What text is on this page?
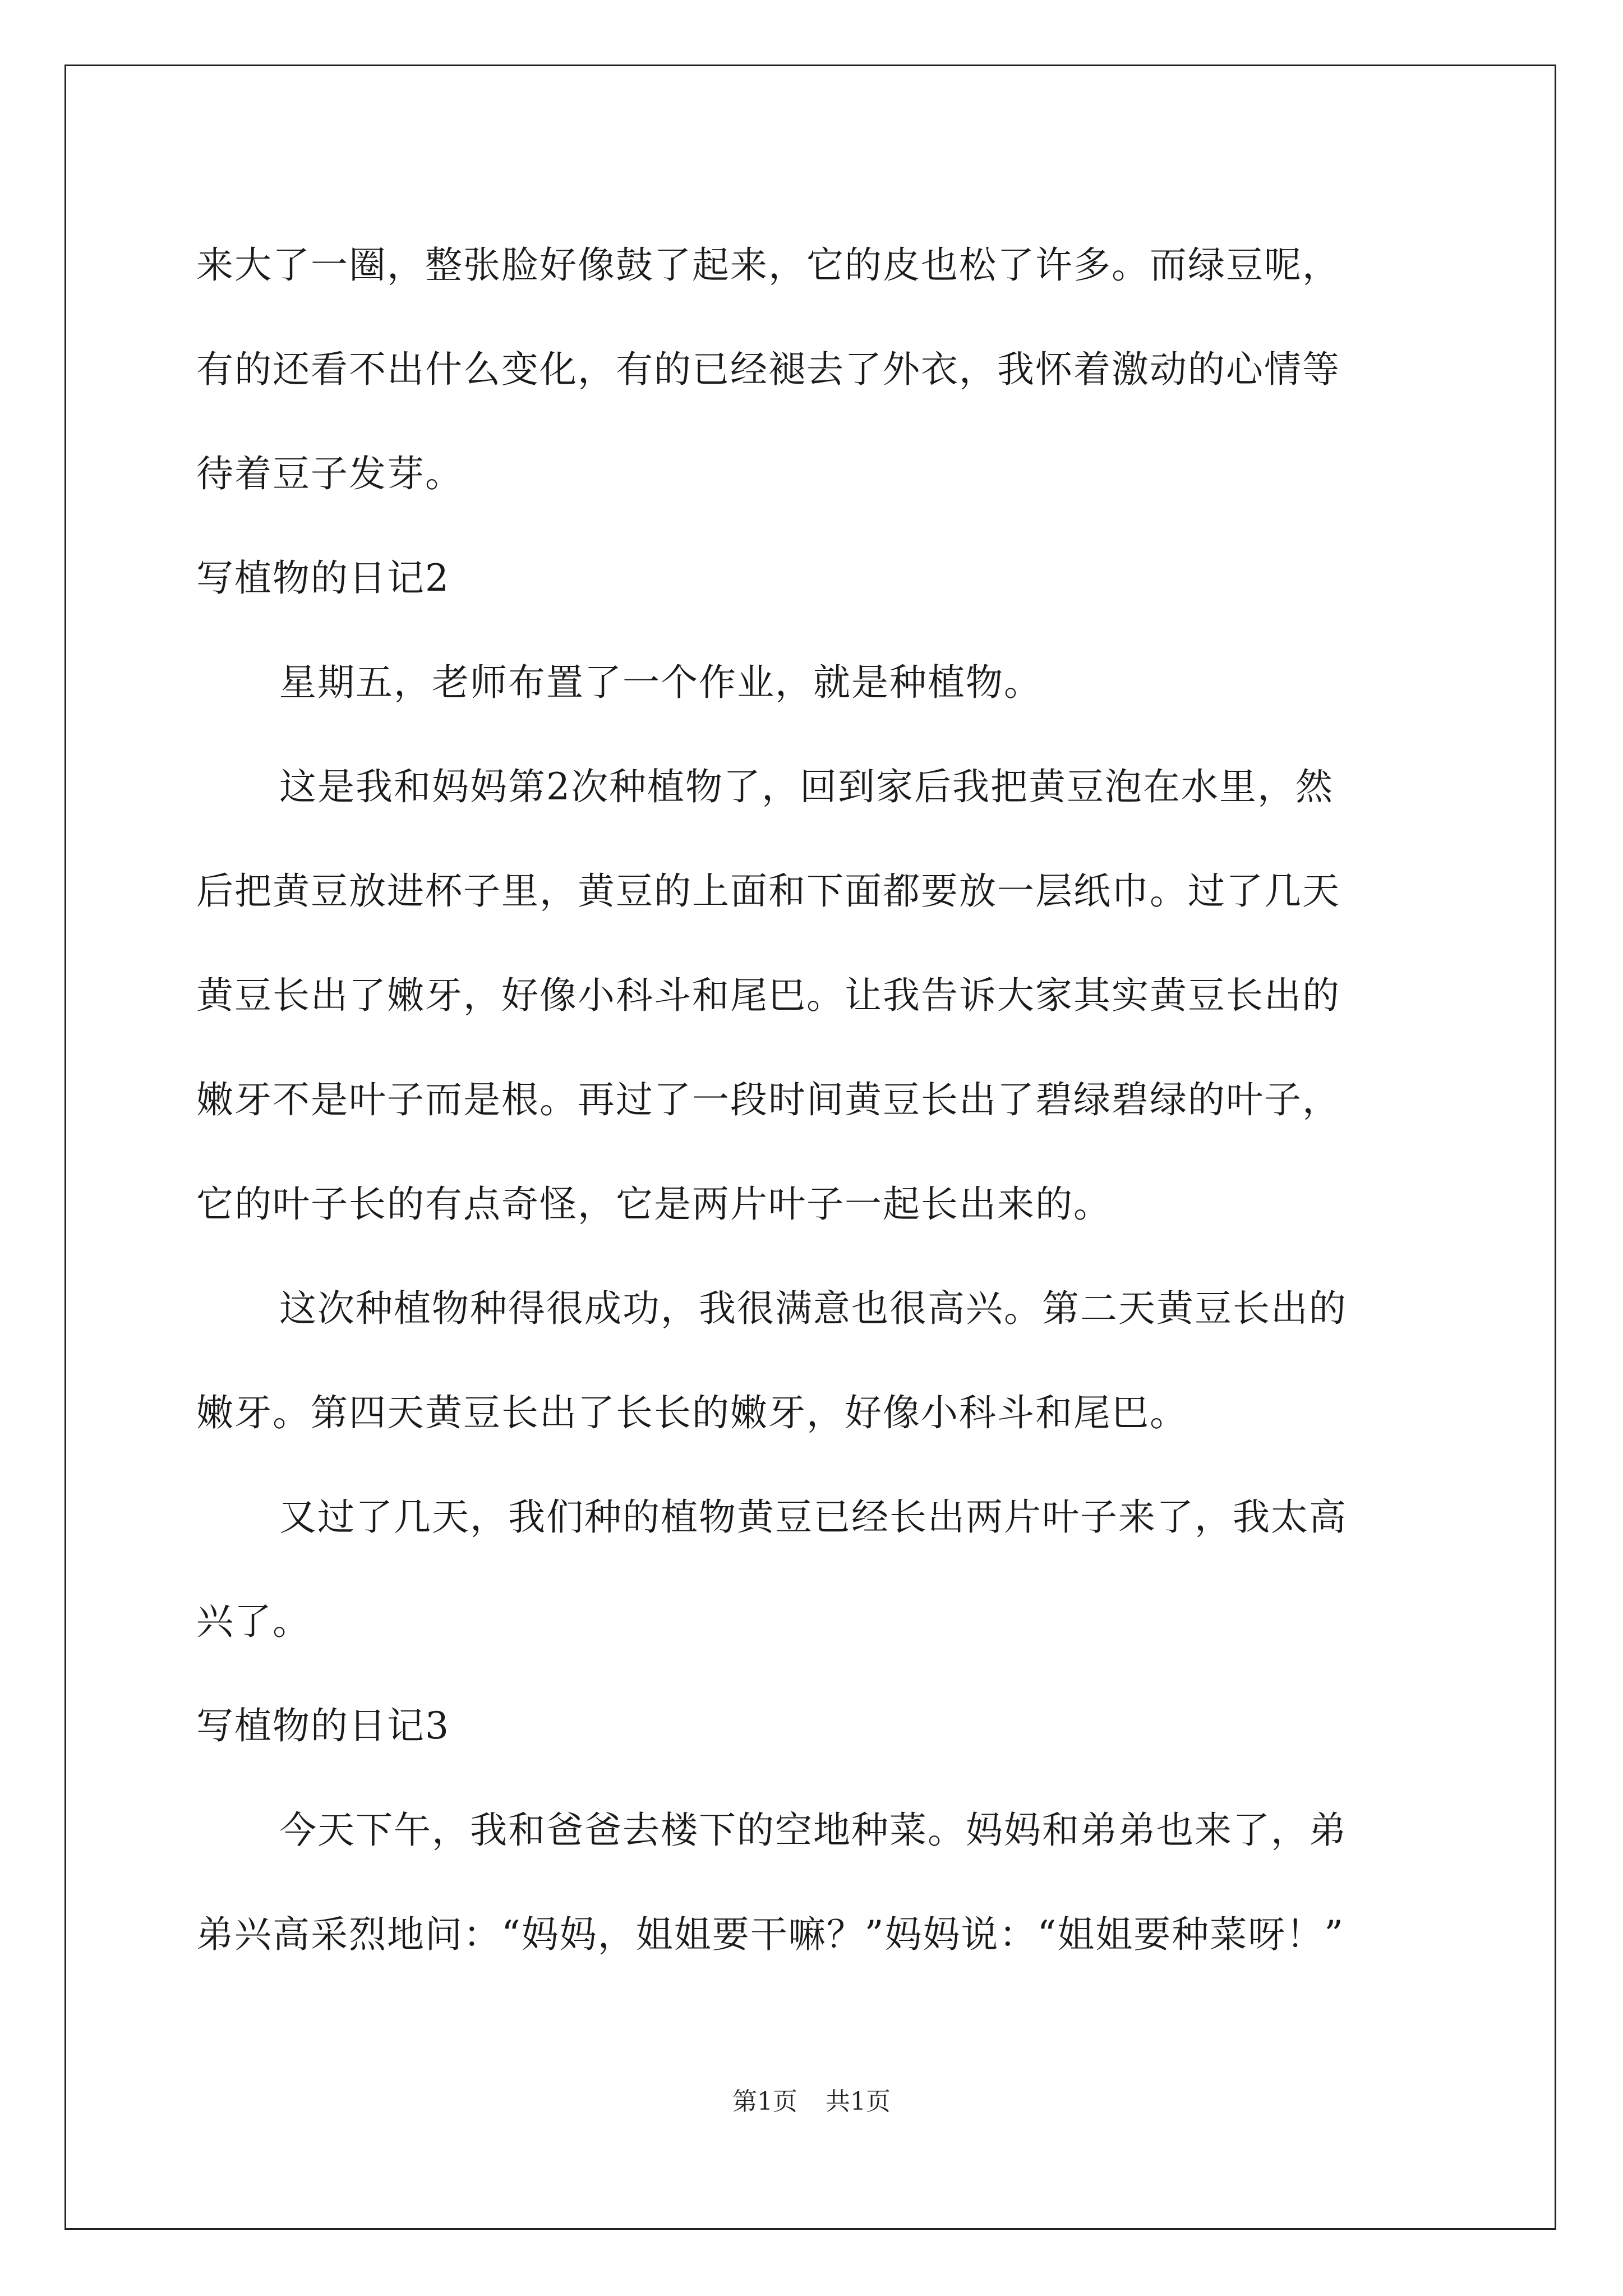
来大了一圈，整张脸好像鼓了起来，它的皮也松了许多。而绿豆呢，
有的还看不出什么变化，有的已经褪去了外衣，我怀着激动的心情等
待着豆子发芽。
写植物的日记2
星期五，老师布置了一个作业，就是种植物。
这是我和妈妈第2次种植物了，回到家后我把黄豆泡在水里，然
后把黄豆放进杯子里，黄豆的上面和下面都要放一层纸巾。过了几天
黄豆长出了嫩牙，好像小科斗和尾巴。让我告诉大家其实黄豆长出的
嫩牙不是叶子而是根。再过了一段时间黄豆长出了碧绿碧绿的叶子，
它的叶子长的有点奇怪，它是两片叶子一起长出来的。
这次种植物种得很成功，我很满意也很高兴。第二天黄豆长出的
嫩牙。第四天黄豆长出了长长的嫩牙，好像小科斗和尾巴。
又过了几天，我们种的植物黄豆已经长出两片叶子来了，我太高
兴了。
写植物的日记3
今天下午，我和爸爸去楼下的空地种菜。妈妈和弟弟也来了，弟
弟兴高采烈地问：“妈妈，姐姐要干嘛？”妈妈说：“姐姐要种菜呀！”
第1页 共1页
